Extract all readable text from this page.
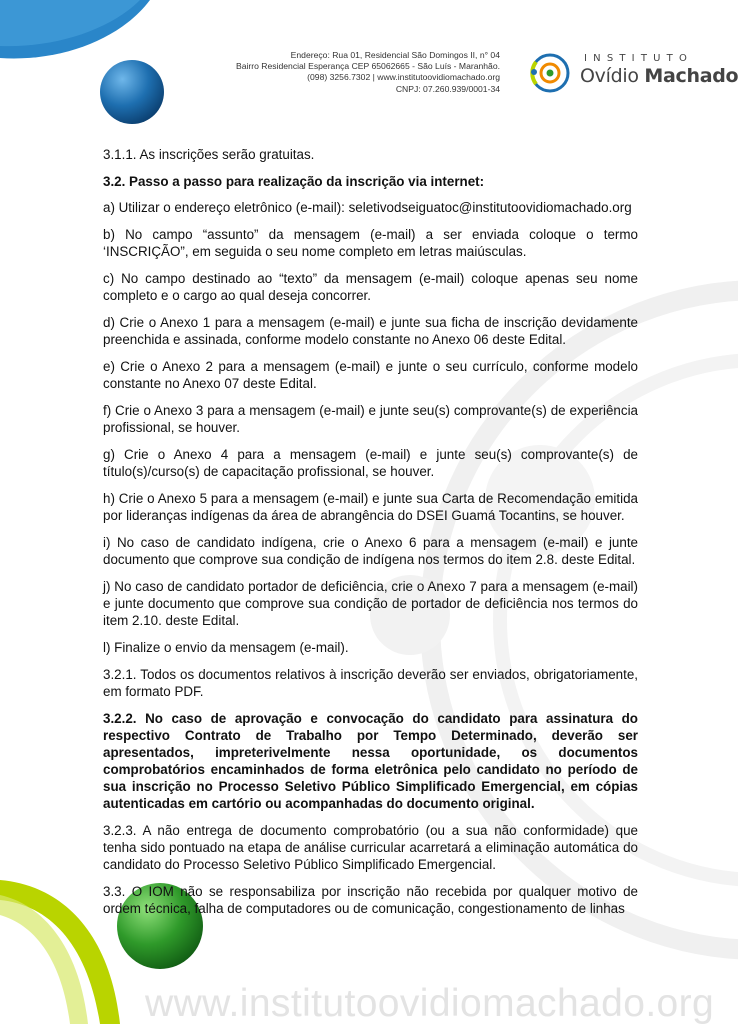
Endereço: Rua 01, Residencial São Domingos II, n° 04
Bairro Residencial Esperança CEP 65062665 - São Luís - Maranhão.
(098) 3256.7302 | www.institutoovidiomachado.org
CNPJ: 07.260.939/0001-34
INSTITUTO
Ovídio Machado

3.1.1. As inscrições serão gratuitas.

3.2. Passo a passo para realização da inscrição via internet:

a) Utilizar o endereço eletrônico (e-mail): seletivodseiguatoc@institutoovidiomachado.org

b) No campo “assunto” da mensagem (e-mail) a ser enviada coloque o termo ‘INSCRIÇÃO”, em seguida o seu nome completo em letras maiúsculas.

c) No campo destinado ao “texto” da mensagem (e-mail) coloque apenas seu nome completo e o cargo ao qual deseja concorrer.

d) Crie o Anexo 1 para a mensagem (e-mail) e junte sua ficha de inscrição devidamente preenchida e assinada, conforme modelo constante no Anexo 06 deste Edital.

e) Crie o Anexo 2 para a mensagem (e-mail) e junte o seu currículo, conforme modelo constante no Anexo 07 deste Edital.

f) Crie o Anexo 3 para a mensagem (e-mail) e junte seu(s) comprovante(s) de experiência profissional, se houver.

g) Crie o Anexo 4 para a mensagem (e-mail) e junte seu(s) comprovante(s) de título(s)/curso(s) de capacitação profissional, se houver.

h) Crie o Anexo 5 para a mensagem (e-mail) e junte sua Carta de Recomendação emitida por lideranças indígenas da área de abrangência do DSEI Guamá Tocantins, se houver.

i) No caso de candidato indígena, crie o Anexo 6 para a mensagem (e-mail) e junte documento que comprove sua condição de indígena nos termos do item 2.8. deste Edital.

j) No caso de candidato portador de deficiência, crie o Anexo 7 para a mensagem (e-mail) e junte documento que comprove sua condição de portador de deficiência nos termos do item 2.10. deste Edital.

l) Finalize o envio da mensagem (e-mail).

3.2.1. Todos os documentos relativos à inscrição deverão ser enviados, obrigatoriamente, em formato PDF.

3.2.2. No caso de aprovação e convocação do candidato para assinatura do respectivo Contrato de Trabalho por Tempo Determinado, deverão ser apresentados, impreterivelmente nessa oportunidade, os documentos comprobatórios encaminhados de forma eletrônica pelo candidato no período de sua inscrição no Processo Seletivo Público Simplificado Emergencial, em cópias autenticadas em cartório ou acompanhadas do documento original.

3.2.3. A não entrega de documento comprobatório (ou a sua não conformidade) que tenha sido pontuado na etapa de análise curricular acarretará a eliminação automática do candidato do Processo Seletivo Público Simplificado Emergencial.

3.3. O IOM não se responsabiliza por inscrição não recebida por qualquer motivo de ordem técnica, falha de computadores ou de comunicação, congestionamento de linhas

www.institutoovidiomachado.org
